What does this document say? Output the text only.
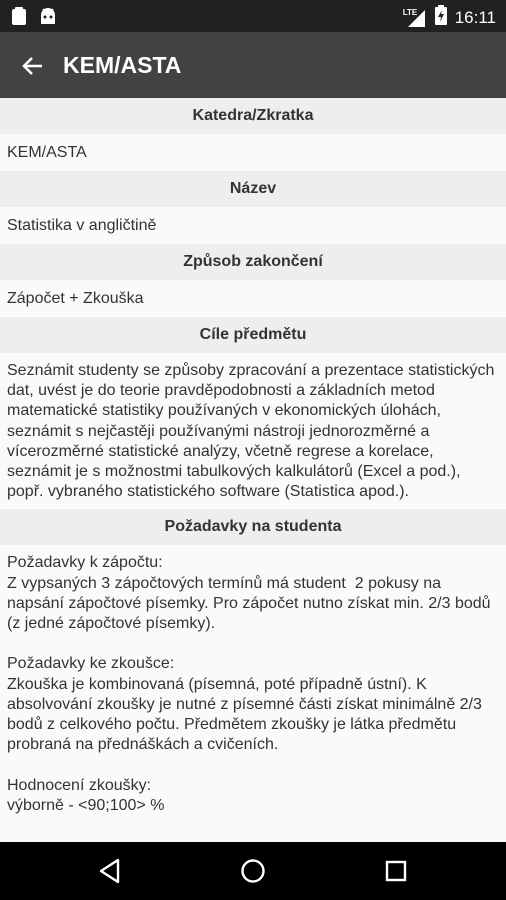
LTE 16:11
KEM/ASTA
Katedra/Zkratka
KEM/ASTA
Název
Statistika v angličtině
Způsob zakončení
Zápočet + Zkouška
Cíle předmětu
Seznámit studenty se způsoby zpracování a prezentace statistických dat, uvést je do teorie pravděpodobnosti a základních metod matematické statistiky používaných v ekonomických úlohách, seznámit s nejčastěji používanými nástroji jednorozměrné a vícerozměrné statistické analýzy, včetně regrese a korelace, seznámit je s možnostmi tabulkových kalkulátorů (Excel a pod.), popř. vybraného statistického software (Statistica apod.).
Požadavky na studenta
Požadavky k zápočtu:
Z vypsaných 3 zápočtových termínů má student  2 pokusy na napsání zápočtové písemky. Pro zápočet nutno získat min. 2/3 bodů (z jedné zápočtové písemky).

Požadavky ke zkoušce:
Zkouška je kombinovaná (písemná, poté případně ústní). K absolvování zkoušky je nutné z písemné části získat minimálně 2/3 bodů z celkového počtu. Předmětem zkoušky je látka předmětu  probraná na přednáškách a cvičeních.

Hodnocení zkoušky:
výborně - <90;100> %
